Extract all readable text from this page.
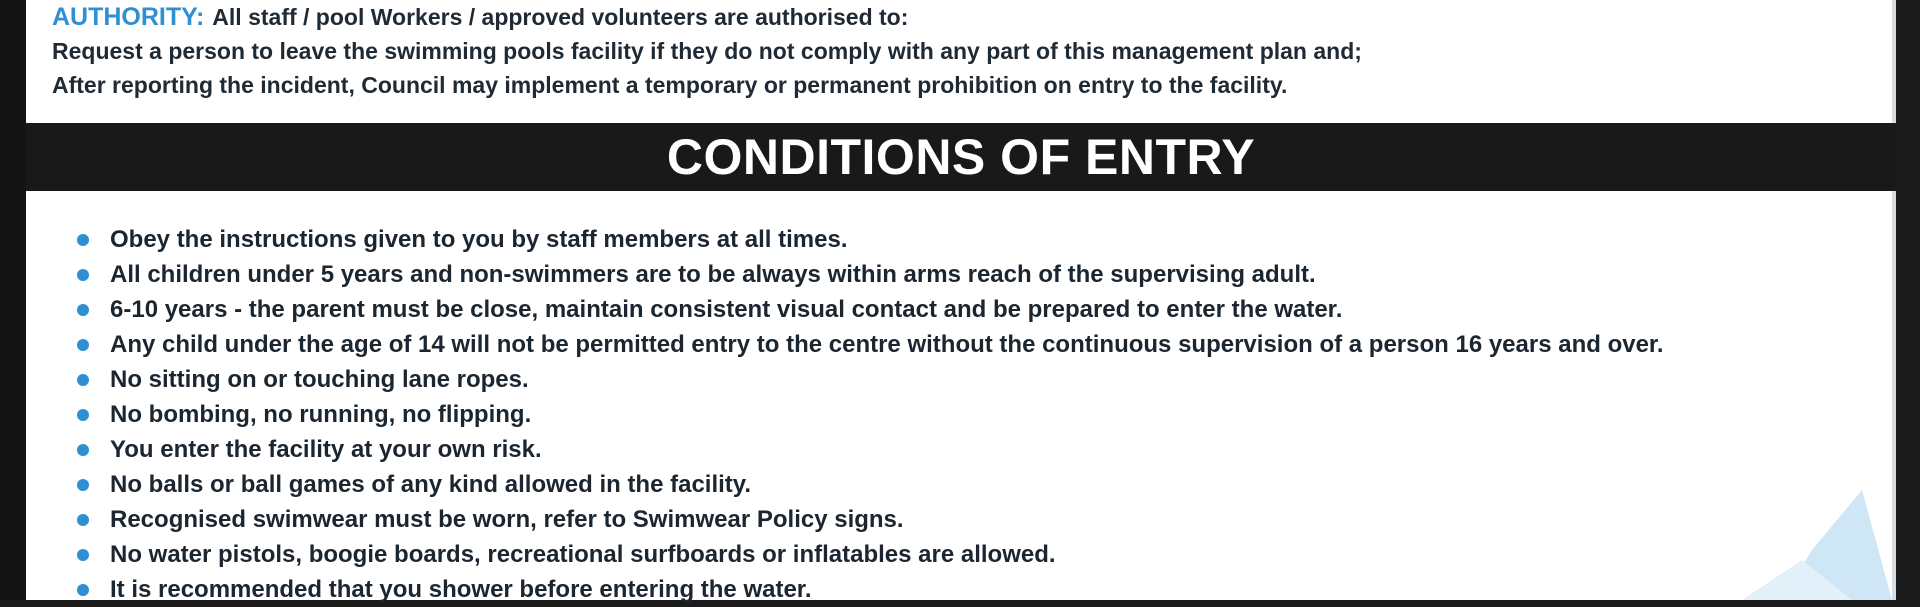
AUTHORITY: All staff / pool Workers / approved volunteers are authorised to:
Request a person to leave the swimming pools facility if they do not comply with any part of this management plan and;
After reporting the incident, Council may implement a temporary or permanent prohibition on entry to the facility.
CONDITIONS OF ENTRY
Obey the instructions given to you by staff members at all times.
All children under 5 years and non-swimmers are to be always within arms reach of the supervising adult.
6-10 years - the parent must be close, maintain consistent visual contact and be prepared to enter the water.
Any child under the age of 14 will not be permitted entry to the centre without the continuous supervision of a person 16 years and over.
No sitting on or touching lane ropes.
No bombing, no running, no flipping.
You enter the facility at your own risk.
No balls or ball games of any kind allowed in the facility.
Recognised swimwear must be worn, refer to Swimwear Policy signs.
No water pistols, boogie boards, recreational surfboards or inflatables are allowed.
It is recommended that you shower before entering the water.
